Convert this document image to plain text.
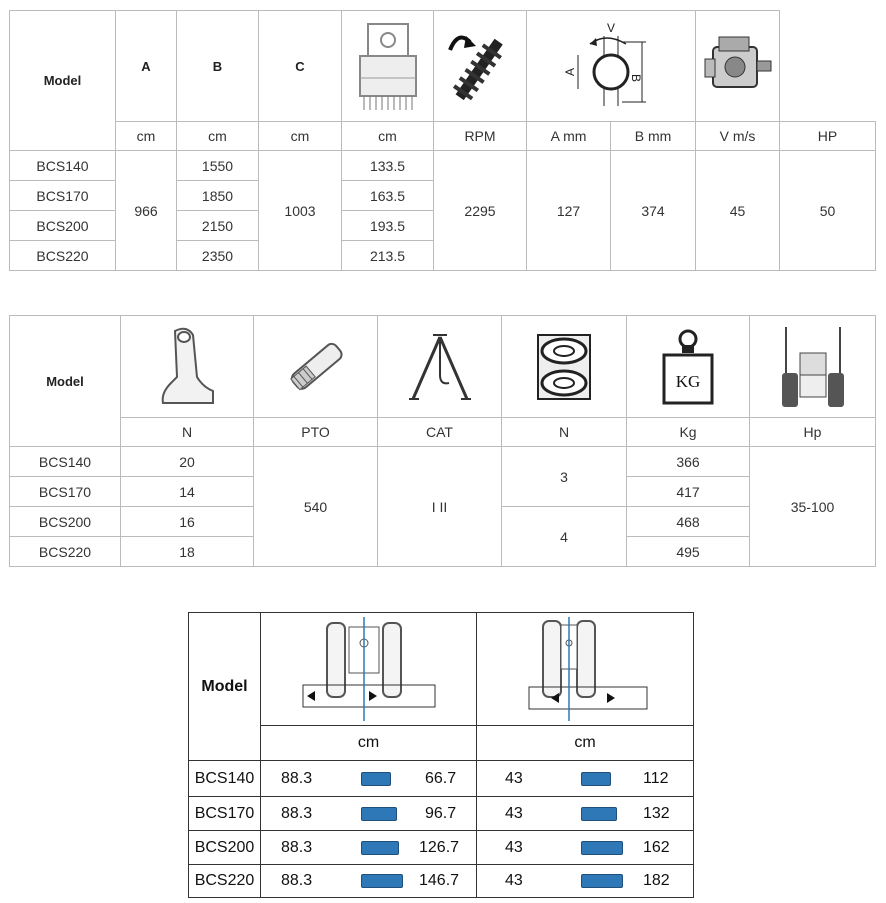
Model	A	B	C			V
A
B

	cm	cm	cm	cm	RPM	A mm	B mm	V m/s	HP
BCS140	966	1550	1003	133.5	2295	127	374	45	50
BCS170		1850		163.5					
BCS200		2150		193.5					
BCS220		2350		213.5					
Model					KG

	N	PTO	CAT	N	Kg	Hp
BCS140	20	540	I II	3	366	35-100
BCS170	14				417	
BCS200	16			4	468	
BCS220	18				495	
Model	

	cm	cm
BCS140	88.3 66.7	43 112

BCS170	88.3 96.7	43 132

BCS200	88.3 126.7	43 162

BCS220	88.3 146.7	43 182
